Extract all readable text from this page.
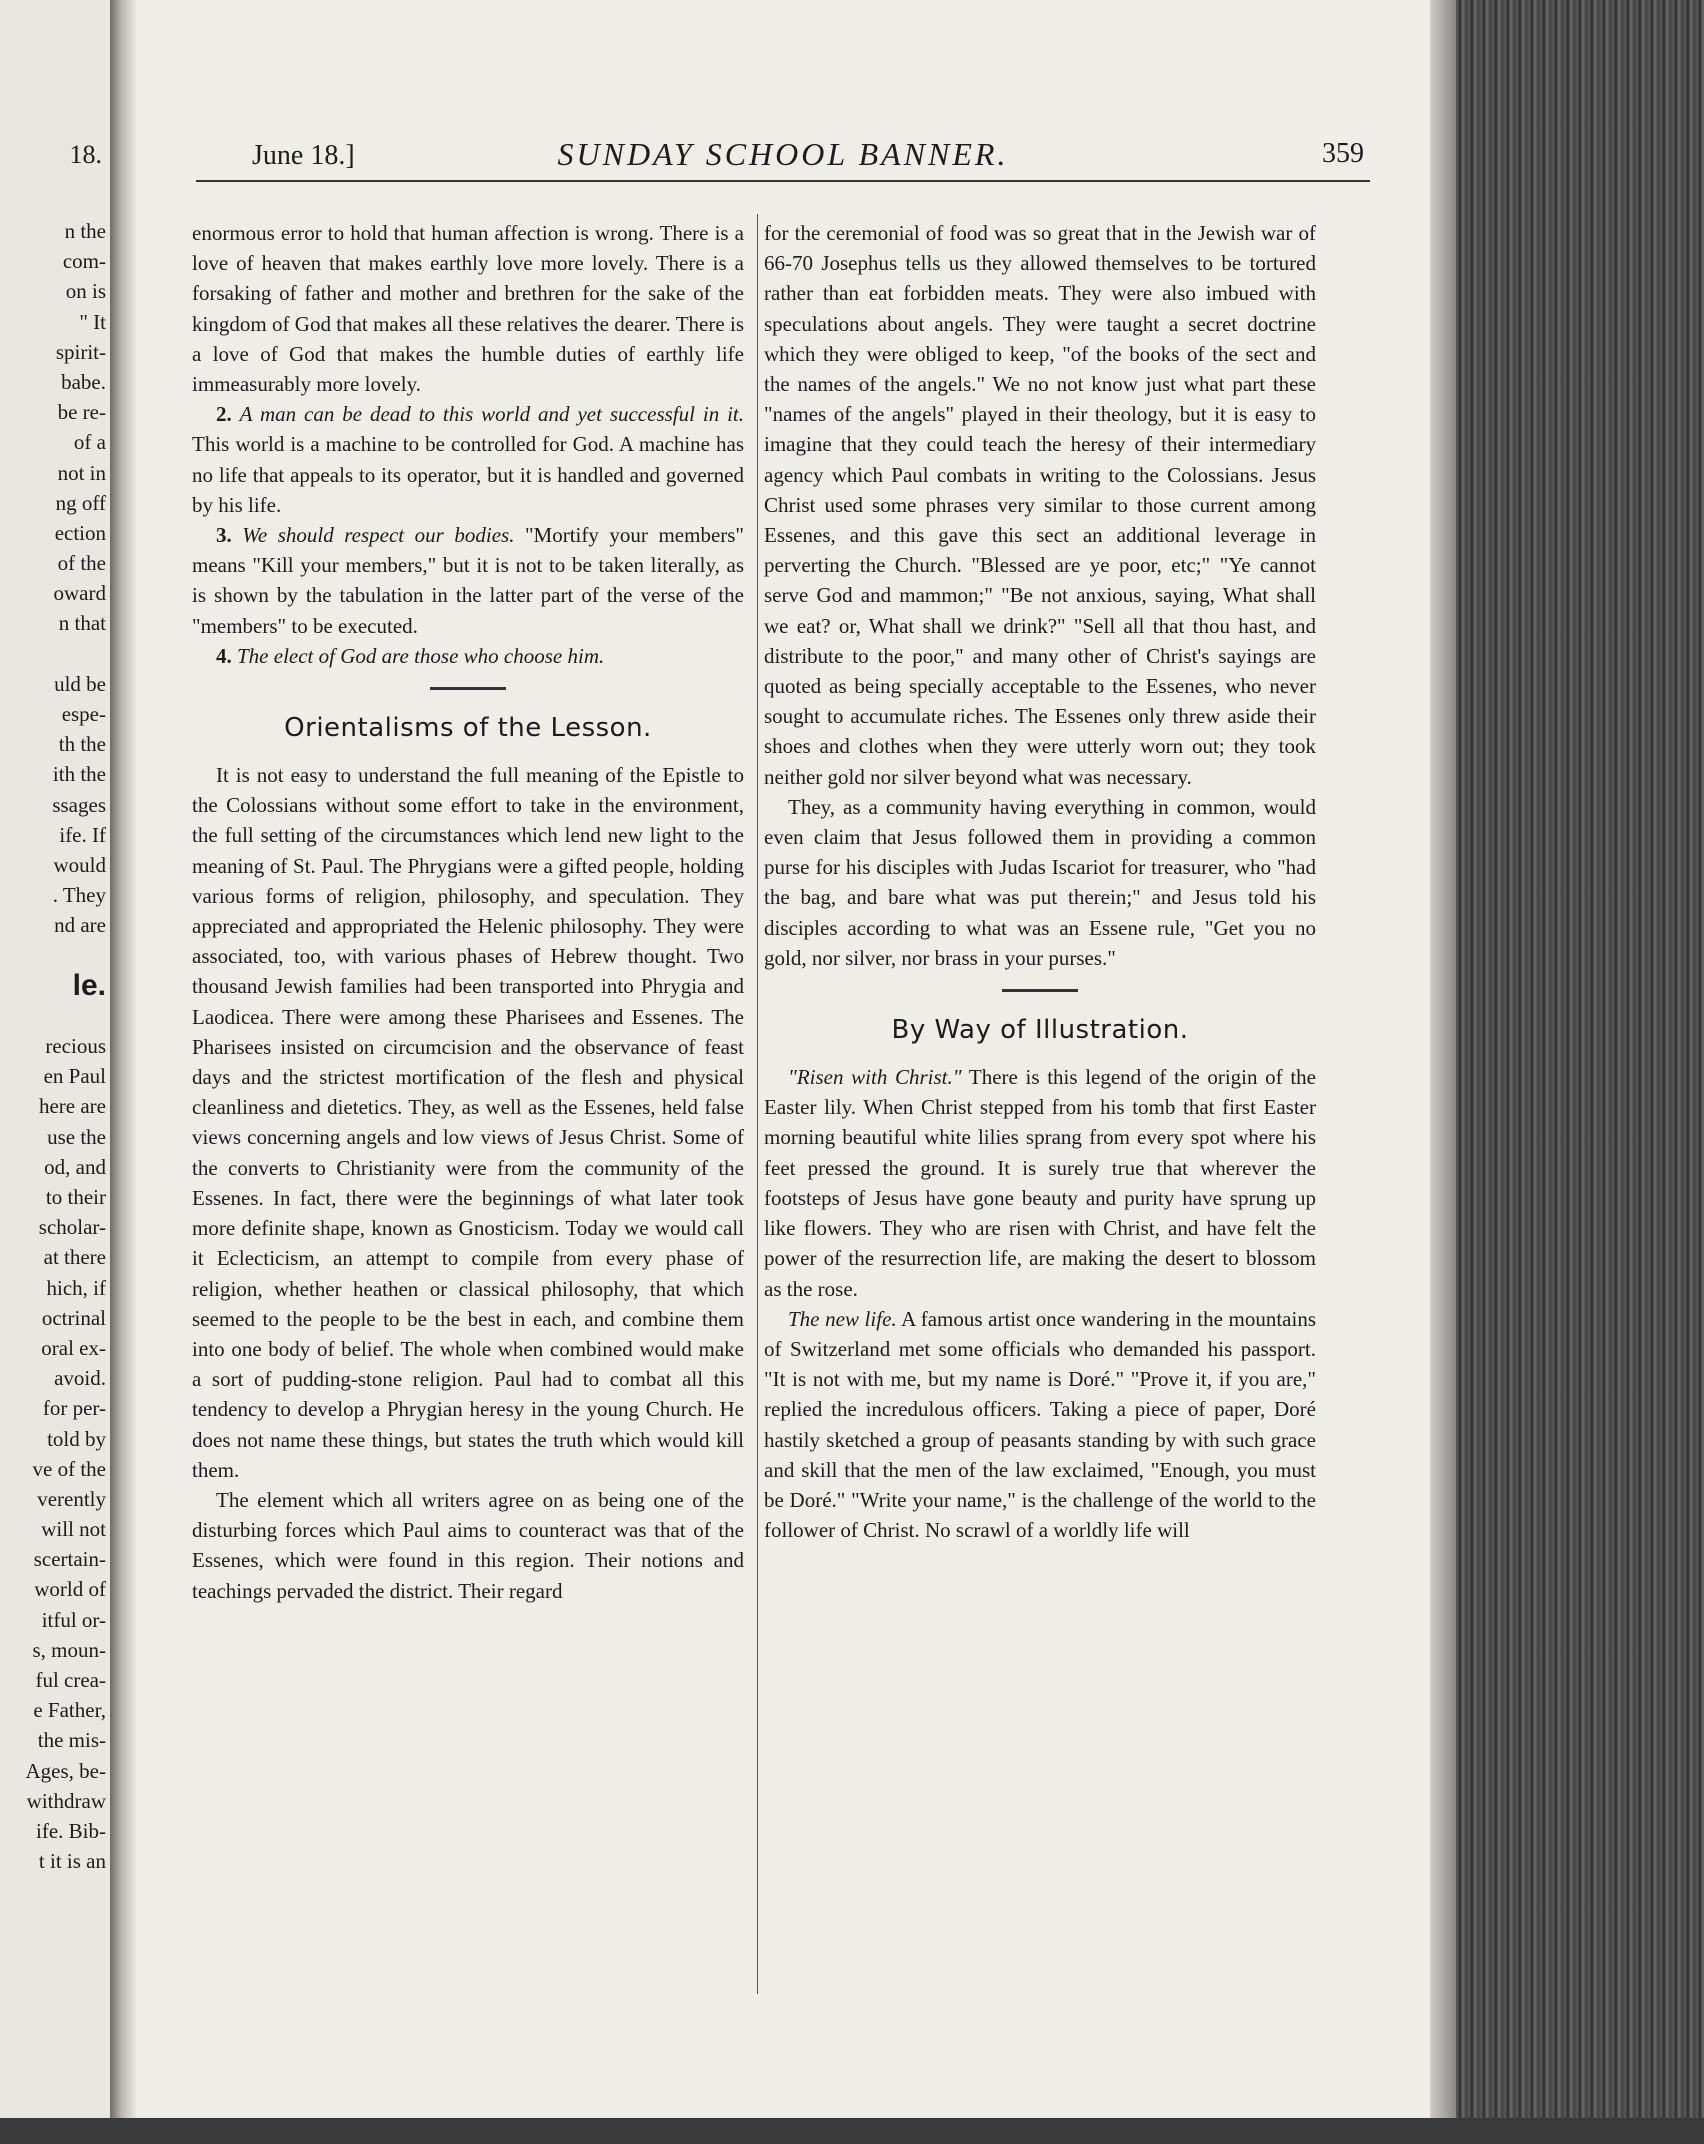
18.
n the
com-
on is
" It
spirit-
babe.
be re-
of a
not in
ng off
ection
of the
oward
n that
uld be
espe-
th the
ith the
ssages
ife. If
would
. They
nd are
le.
recious
en Paul
here are
use the
od, and
to their
scholar-
at there
hich, if
octrinal
oral ex-
avoid.
for per-
told by
ve of the
verently
will not
scertain-
world of
itful or-
s, moun-
ful crea-
e Father,
the mis-
Ages, be-
withdraw
ife. Bib-
t it is an
June 18.]	SUNDAY SCHOOL BANNER.	359

enormous error to hold that human affection is wrong. There is a love of heaven that makes earthly love more lovely. There is a forsaking of father and mother and brethren for the sake of the kingdom of God that makes all these relatives the dearer. There is a love of God that makes the humble duties of earthly life immeasurably more lovely.

2. A man can be dead to this world and yet successful in it. This world is a machine to be controlled for God. A machine has no life that appeals to its operator, but it is handled and governed by his life.

3. We should respect our bodies. "Mortify your members" means "Kill your members," but it is not to be taken literally, as is shown by the tabulation in the latter part of the verse of the "members" to be executed.

4. The elect of God are those who choose him.

Orientalisms of the Lesson.

It is not easy to understand the full meaning of the Epistle to the Colossians without some effort to take in the environment, the full setting of the circumstances which lend new light to the meaning of St. Paul. The Phrygians were a gifted people, holding various forms of religion, philosophy, and speculation. They appreciated and appropriated the Helenic philosophy. They were associated, too, with various phases of Hebrew thought. Two thousand Jewish families had been transported into Phrygia and Laodicea. There were among these Pharisees and Essenes. The Pharisees insisted on circumcision and the observance of feast days and the strictest mortification of the flesh and physical cleanliness and dietetics. They, as well as the Essenes, held false views concerning angels and low views of Jesus Christ. Some of the converts to Christianity were from the community of the Essenes. In fact, there were the beginnings of what later took more definite shape, known as Gnosticism. Today we would call it Eclecticism, an attempt to compile from every phase of religion, whether heathen or classical philosophy, that which seemed to the people to be the best in each, and combine them into one body of belief. The whole when combined would make a sort of pudding-stone religion. Paul had to combat all this tendency to develop a Phrygian heresy in the young Church. He does not name these things, but states the truth which would kill them.

The element which all writers agree on as being one of the disturbing forces which Paul aims to counteract was that of the Essenes, which were found in this region. Their notions and teachings pervaded the district. Their regard

for the ceremonial of food was so great that in the Jewish war of 66-70 Josephus tells us they allowed themselves to be tortured rather than eat forbidden meats. They were also imbued with speculations about angels. They were taught a secret doctrine which they were obliged to keep, "of the books of the sect and the names of the angels." We no not know just what part these "names of the angels" played in their theology, but it is easy to imagine that they could teach the heresy of their intermediary agency which Paul combats in writing to the Colossians. Jesus Christ used some phrases very similar to those current among Essenes, and this gave this sect an additional leverage in perverting the Church. "Blessed are ye poor, etc;" "Ye cannot serve God and mammon;" "Be not anxious, saying, What shall we eat? or, What shall we drink?" "Sell all that thou hast, and distribute to the poor," and many other of Christ's sayings are quoted as being specially acceptable to the Essenes, who never sought to accumulate riches. The Essenes only threw aside their shoes and clothes when they were utterly worn out; they took neither gold nor silver beyond what was necessary.

They, as a community having everything in common, would even claim that Jesus followed them in providing a common purse for his disciples with Judas Iscariot for treasurer, who "had the bag, and bare what was put therein;" and Jesus told his disciples according to what was an Essene rule, "Get you no gold, nor silver, nor brass in your purses."

By Way of Illustration.

"Risen with Christ." There is this legend of the origin of the Easter lily. When Christ stepped from his tomb that first Easter morning beautiful white lilies sprang from every spot where his feet pressed the ground. It is surely true that wherever the footsteps of Jesus have gone beauty and purity have sprung up like flowers. They who are risen with Christ, and have felt the power of the resurrection life, are making the desert to blossom as the rose.

The new life. A famous artist once wandering in the mountains of Switzerland met some officials who demanded his passport. "It is not with me, but my name is Doré." "Prove it, if you are," replied the incredulous officers. Taking a piece of paper, Doré hastily sketched a group of peasants standing by with such grace and skill that the men of the law exclaimed, "Enough, you must be Doré." "Write your name," is the challenge of the world to the follower of Christ. No scrawl of a worldly life will
